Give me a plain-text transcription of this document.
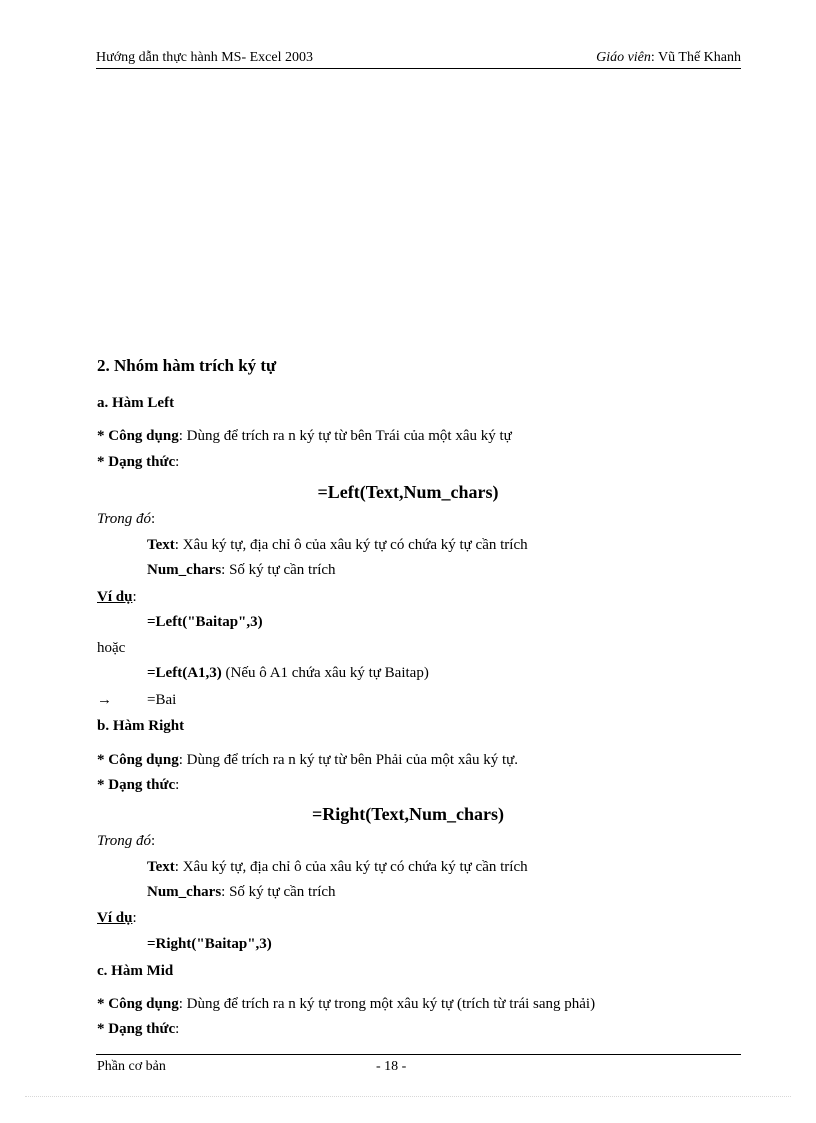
Hướng dẫn thực hành MS- Excel 2003	Giáo viên: Vũ Thế Khanh
2. Nhóm hàm trích ký tự
a. Hàm Left
* Công dụng: Dùng để trích ra n ký tự từ bên Trái của một xâu ký tự
* Dạng thức:
=Left(Text,Num_chars)
Trong đó:
Text: Xâu ký tự, địa chỉ ô của xâu ký tự có chứa ký tự cần trích
Num_chars: Số ký tự cần trích
Ví dụ:
=Left("Baitap",3)
hoặc
=Left(A1,3) (Nếu ô A1 chứa xâu ký tự Baitap)
→ =Bai
b. Hàm Right
* Công dụng: Dùng để trích ra n ký tự từ bên Phải của một xâu ký tự.
* Dạng thức:
=Right(Text,Num_chars)
Trong đó:
Text: Xâu ký tự, địa chỉ ô của xâu ký tự có chứa ký tự cần trích
Num_chars: Số ký tự cần trích
Ví dụ:
=Right("Baitap",3)
c. Hàm Mid
* Công dụng: Dùng để trích ra n ký tự trong một xâu ký tự (trích từ trái sang phải)
* Dạng thức:
Phần cơ bản	- 18 -
